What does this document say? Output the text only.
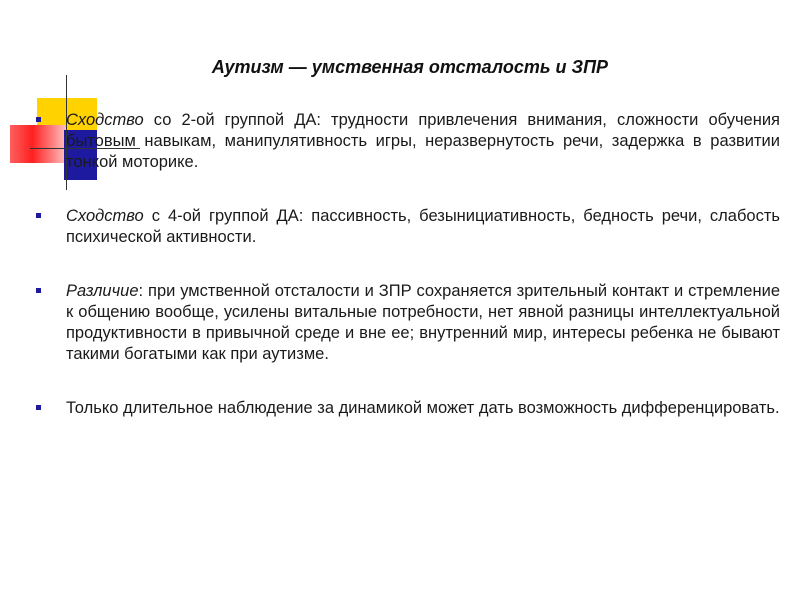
Аутизм — умственная отсталость и ЗПР
Сходство со 2-ой группой ДА: трудности привлечения внимания, сложности обучения бытовым навыкам, манипулятивность игры, неразвернутость речи, задержка в развитии тонкой моторике.
Сходство с 4-ой группой ДА: пассивность, безынициативность, бедность речи, слабость психической активности.
Различие: при умственной отсталости и ЗПР сохраняется зрительный контакт и стремление к общению вообще, усилены витальные потребности, нет явной разницы интеллектуальной продуктивности в привычной среде и вне ее; внутренний мир, интересы ребенка не бывают такими богатыми как при аутизме.
Только длительное наблюдение за динамикой может дать возможность дифференцировать.
